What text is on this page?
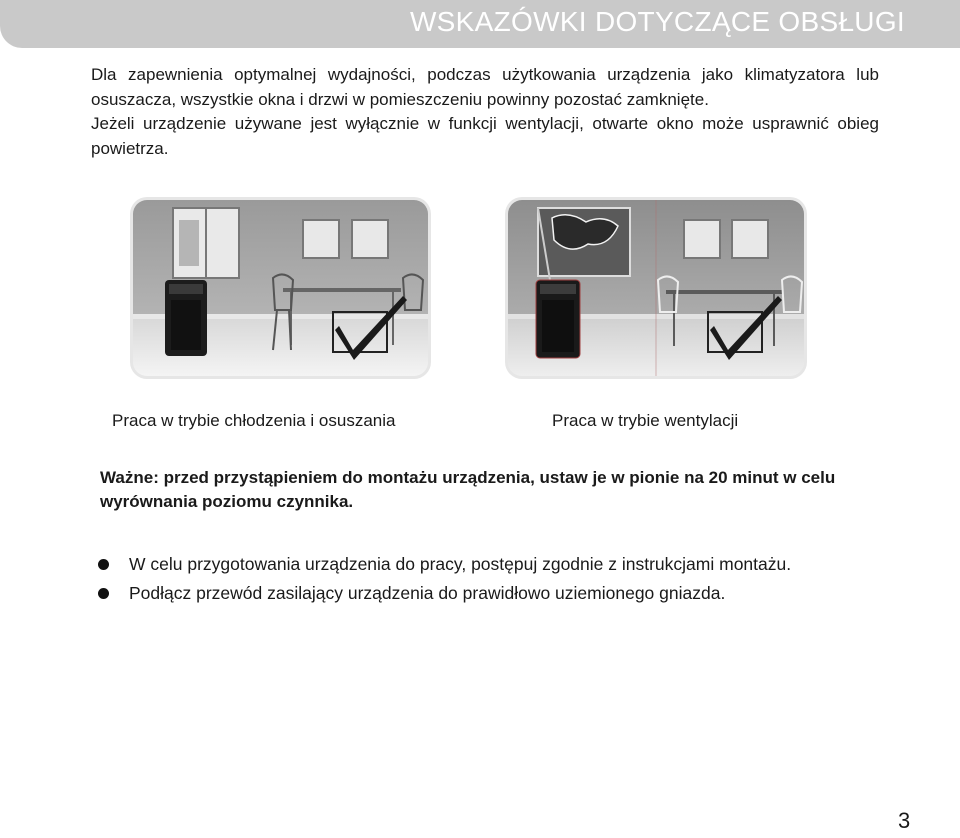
WSKAZÓWKI DOTYCZĄCE OBSŁUGI

Dla zapewnienia optymalnej wydajności, podczas użytkowania urządzenia jako klimatyzatora lub osuszacza, wszystkie okna i drzwi w pomieszczeniu powinny pozostać zamknięte.

Jeżeli urządzenie używane jest wyłącznie w funkcji wentylacji, otwarte okno może usprawnić obieg powietrza.

Praca w trybie chłodzenia i osuszania	Praca w trybie wentylacji

Ważne: przed przystąpieniem do montażu urządzenia, ustaw je w pionie na 20 minut w celu wyrównania poziomu czynnika.

W celu przygotowania urządzenia do pracy, postępuj zgodnie z instrukcjami montażu.
Podłącz przewód zasilający urządzenia do prawidłowo uziemionego gniazda.
3
